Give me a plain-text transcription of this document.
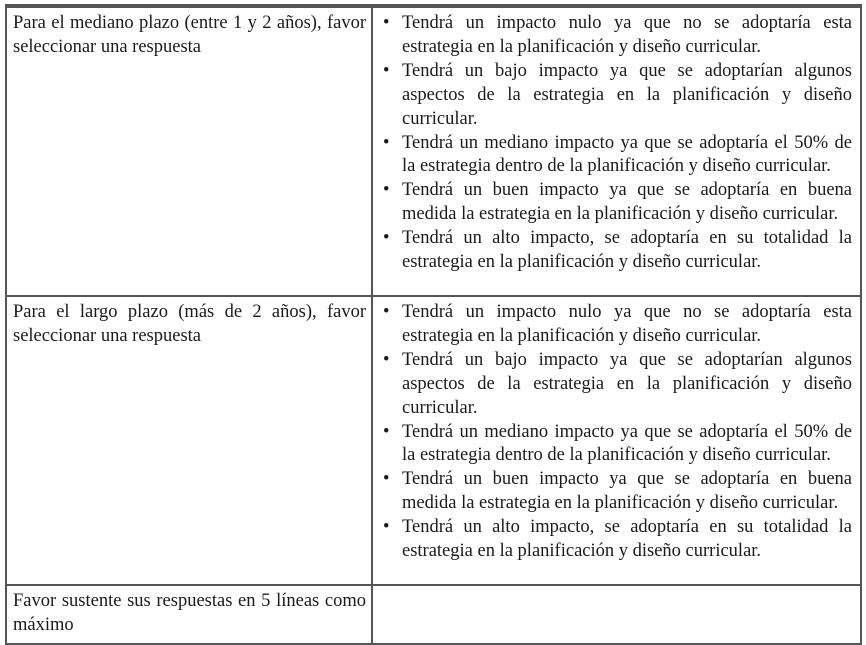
Para el mediano plazo (entre 1 y 2 años), favor seleccionar una respuesta	
• Tendrá un impacto nulo ya que no se adoptaría esta estrategia en la planificación y diseño curricular.
• Tendrá un bajo impacto ya que se adoptarían algunos aspectos de la estrategia en la planificación y diseño curricular.
• Tendrá un mediano impacto ya que se adoptaría el 50% de la estrategia dentro de la planificación y diseño curricular.
• Tendrá un buen impacto ya que se adoptaría en buena medida la estrategia en la planificación y diseño curricular.
• Tendrá un alto impacto, se adoptaría en su totalidad la estrategia en la planificación y diseño curricular.

Para el largo plazo (más de 2 años), favor seleccionar una respuesta	
• Tendrá un impacto nulo ya que no se adoptaría esta estrategia en la planificación y diseño curricular.
• Tendrá un bajo impacto ya que se adoptarían algunos aspectos de la estrategia en la planificación y diseño curricular.
• Tendrá un mediano impacto ya que se adoptaría el 50% de la estrategia dentro de la planificación y diseño curricular.
• Tendrá un buen impacto ya que se adoptaría en buena medida la estrategia en la planificación y diseño curricular.
• Tendrá un alto impacto, se adoptaría en su totalidad la estrategia en la planificación y diseño curricular.

Favor sustente sus respuestas en 5 líneas como máximo	
